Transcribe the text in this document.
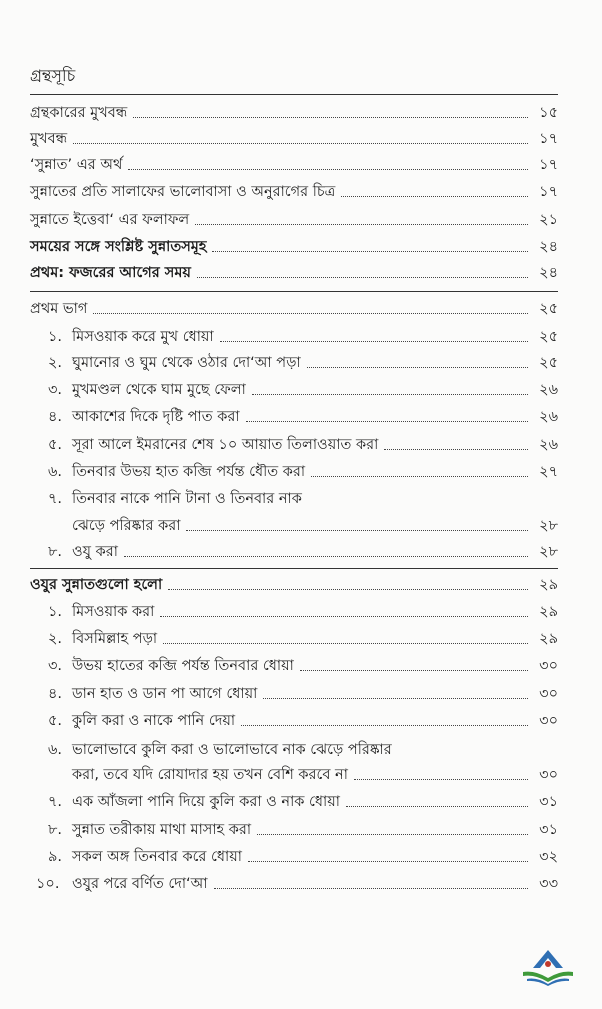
গ্রন্থসূচি
গ্রন্থকারের মুখবন্ধ	১৫
মুখবন্ধ	১৭
‘সুন্নাত’ এর অর্থ	১৭
সুন্নাতের প্রতি সালাফের ভালোবাসা ও অনুরাগের চিত্র	১৭
সুন্নাতে ইত্তেবা‘ এর ফলাফল	২১
সময়ের সঙ্গে সংশ্লিষ্ট সুন্নাতসমূহ	২৪
প্রথম: ফজরের আগের সময়	২৪
প্রথম ভাগ	২৫
১. মিসওয়াক করে মুখ ধোয়া	২৫
২. ঘুমানোর ও ঘুম থেকে ওঠার দো‘আ পড়া	২৫
৩. মুখমণ্ডল থেকে ঘাম মুছে ফেলা	২৬
৪. আকাশের দিকে দৃষ্টি পাত করা	২৬
৫. সূরা আলে ইমরানের শেষ ১০ আয়াত তিলাওয়াত করা	২৬
৬. তিনবার উভয় হাত কব্জি পর্যন্ত ধৌত করা	২৭
৭. তিনবার নাকে পানি টানা ও তিনবার নাক
ঝেড়ে পরিষ্কার করা	২৮
৮. ওযু করা	২৮
ওযুর সুন্নাতগুলো হলো	২৯
১. মিসওয়াক করা	২৯
২. বিসমিল্লাহ পড়া	২৯
৩. উভয় হাতের কব্জি পর্যন্ত তিনবার ধোয়া	৩০
৪. ডান হাত ও ডান পা আগে ধোয়া	৩০
৫. কুলি করা ও নাকে পানি দেয়া	৩০
৬. ভালোভাবে কুলি করা ও ভালোভাবে নাক ঝেড়ে পরিষ্কার
করা, তবে যদি রোযাদার হয় তখন বেশি করবে না	৩০
৭. এক আঁজলা পানি দিয়ে কুলি করা ও নাক ধোয়া	৩১
৮. সুন্নাত তরীকায় মাথা মাসাহ করা	৩১
৯. সকল অঙ্গ তিনবার করে ধোয়া	৩২
১০. ওযুর পরে বর্ণিত দো‘আ	৩৩
